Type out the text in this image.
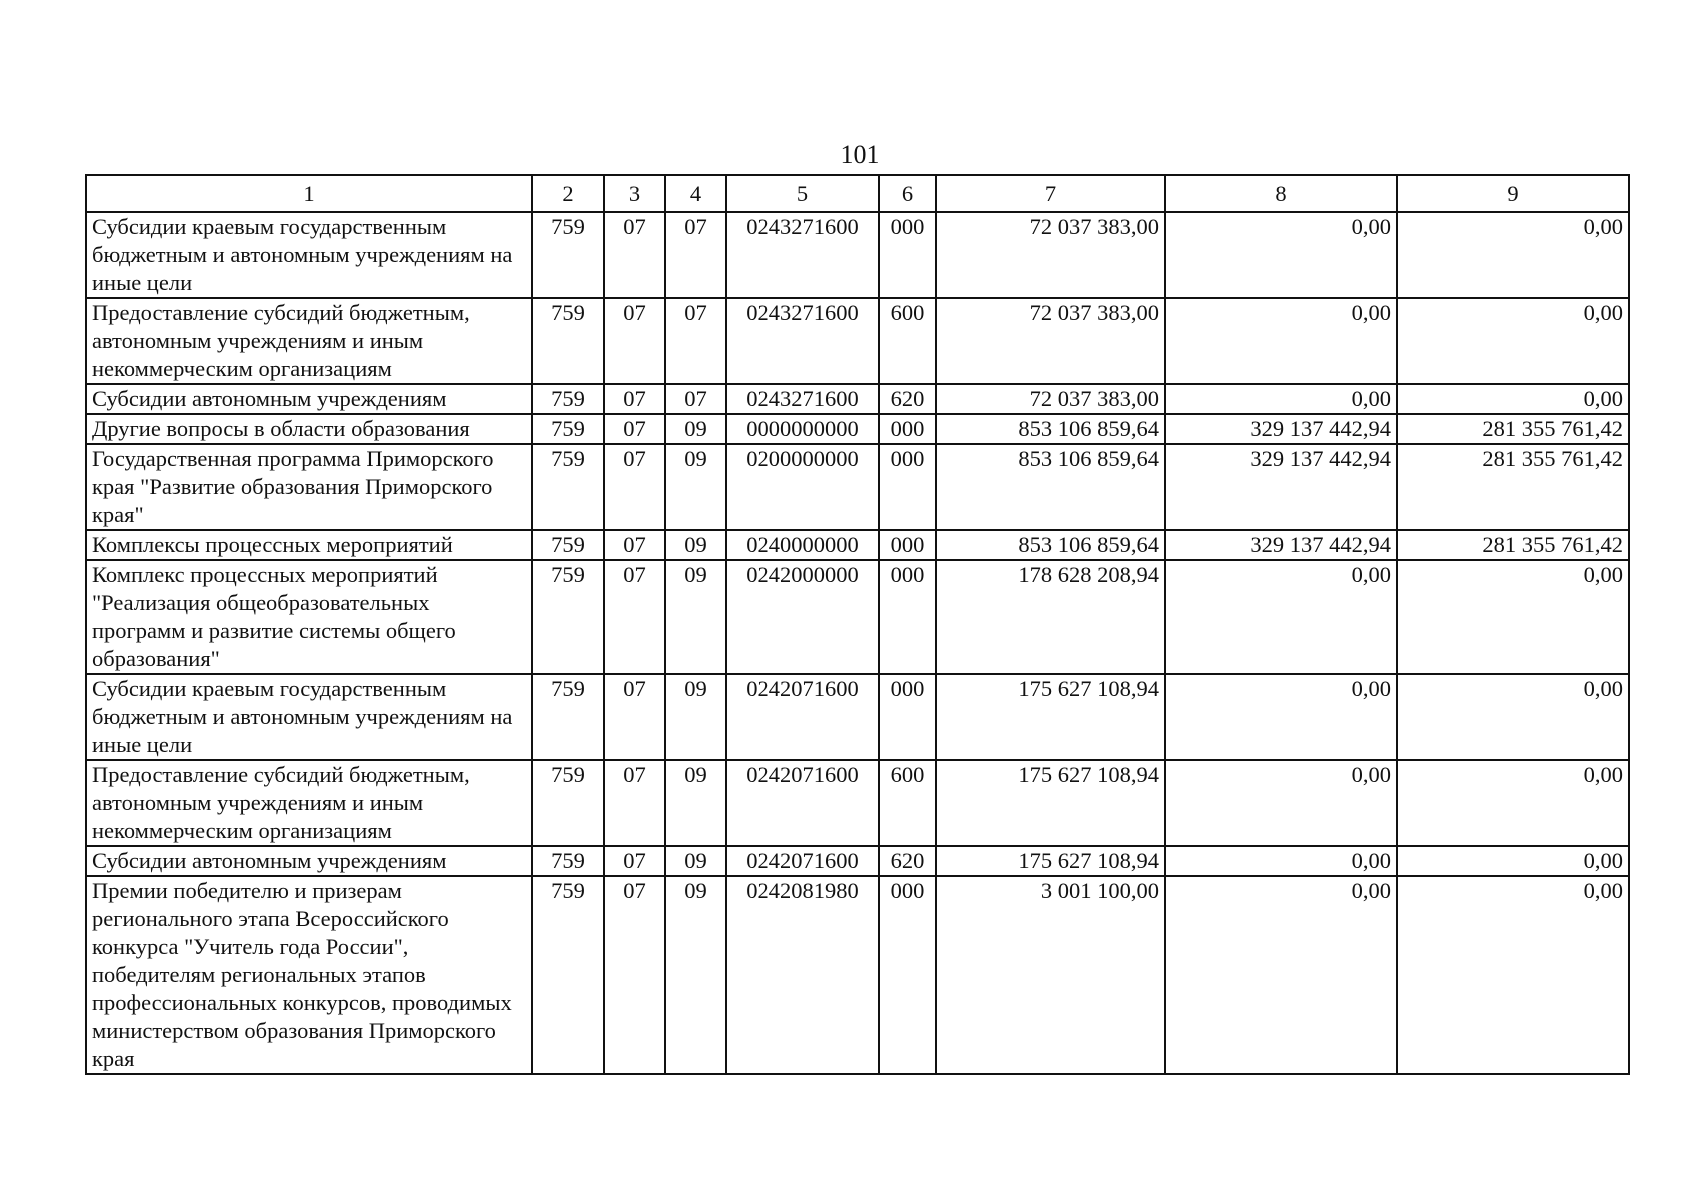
101
1	2	3	4	5	6	7	8	9
Субсидии краевым государственным бюджетным и автономным учреждениям на иные цели	759	07	07	0243271600	000	72 037 383,00	0,00	0,00
Предоставление субсидий бюджетным, автономным учреждениям и иным некоммерческим организациям	759	07	07	0243271600	600	72 037 383,00	0,00	0,00
Субсидии автономным учреждениям	759	07	07	0243271600	620	72 037 383,00	0,00	0,00
Другие вопросы в области образования	759	07	09	0000000000	000	853 106 859,64	329 137 442,94	281 355 761,42
Государственная программа Приморского края "Развитие образования Приморского края"	759	07	09	0200000000	000	853 106 859,64	329 137 442,94	281 355 761,42
Комплексы процессных мероприятий	759	07	09	0240000000	000	853 106 859,64	329 137 442,94	281 355 761,42
Комплекс процессных мероприятий "Реализация общеобразовательных программ и развитие системы общего образования"	759	07	09	0242000000	000	178 628 208,94	0,00	0,00
Субсидии краевым государственным бюджетным и автономным учреждениям на иные цели	759	07	09	0242071600	000	175 627 108,94	0,00	0,00
Предоставление субсидий бюджетным, автономным учреждениям и иным некоммерческим организациям	759	07	09	0242071600	600	175 627 108,94	0,00	0,00
Субсидии автономным учреждениям	759	07	09	0242071600	620	175 627 108,94	0,00	0,00
Премии победителю и призерам регионального этапа Всероссийского конкурса "Учитель года России", победителям региональных этапов профессиональных конкурсов, проводимых министерством образования Приморского края	759	07	09	0242081980	000	3 001 100,00	0,00	0,00
